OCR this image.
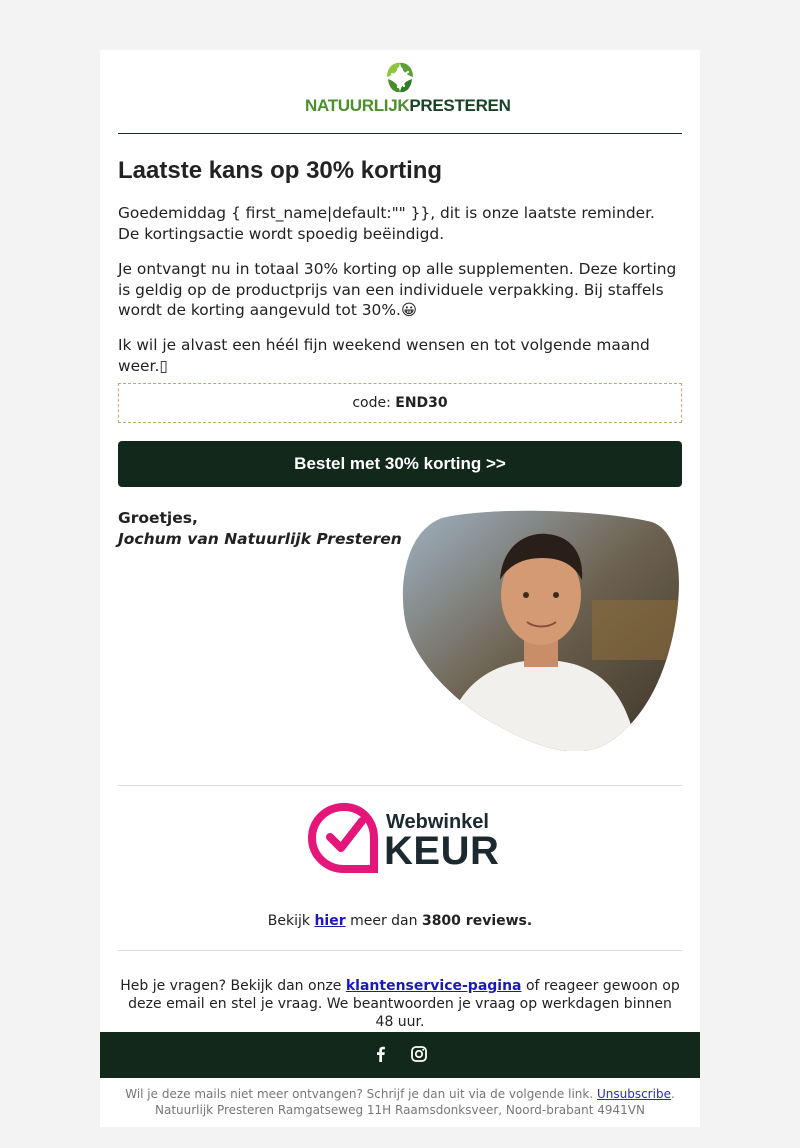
NATUURLIJKPRESTEREN
Laatste kans op 30% korting

Goedemiddag { first_name|default:"" }}, dit is onze laatste reminder. De kortingsactie wordt spoedig beëindigd.

Je ontvangt nu in totaal 30% korting op alle supplementen. Deze korting is geldig op de productprijs van een individuele verpakking. Bij staffels wordt de korting aangevuld tot 30%.😀

Ik wil je alvast een héél fijn weekend wensen en tot volgende maand weer.▯

code: END30
Bestel met 30% korting >>
Groetjes,
Jochum van Natuurlijk Presteren
Webwinkel
KEUR
Bekijk hier meer dan 3800 reviews.
Heb je vragen? Bekijk dan onze klantenservice-pagina of reageer gewoon op deze email en stel je vraag. We beantwoorden je vraag op werkdagen binnen 48 uur.
Wil je deze mails niet meer ontvangen? Schrijf je dan uit via de volgende link. Unsubscribe.
Natuurlijk Presteren Ramgatseweg 11H Raamsdonksveer, Noord-brabant 4941VN
